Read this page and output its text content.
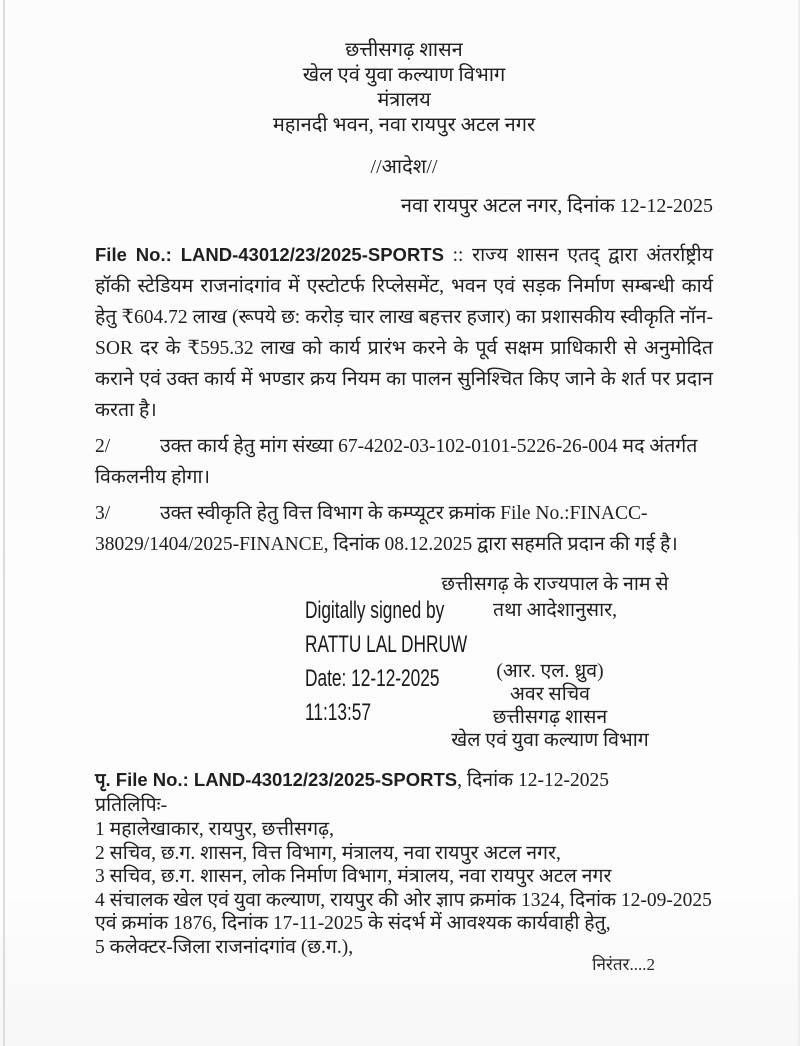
छत्तीसगढ़ शासन
खेल एवं युवा कल्याण विभाग
मंत्रालय
महानदी भवन, नवा रायपुर अटल नगर
//आदेश//
नवा रायपुर अटल नगर, दिनांक 12-12-2025
File No.: LAND-43012/23/2025-SPORTS :: राज्य शासन एतद् द्वारा अंतर्राष्ट्रीय हॉकी स्टेडियम राजनांदगांव में एस्टोटर्फ रिप्लेसमेंट, भवन एवं सड़क निर्माण सम्बन्धी कार्य हेतु ₹604.72 लाख (रूपये छ: करोड़ चार लाख बहत्तर हजार) का प्रशासकीय स्वीकृति नॉन-SOR दर के ₹595.32 लाख को कार्य प्रारंभ करने के पूर्व सक्षम प्राधिकारी से अनुमोदित कराने एवं उक्त कार्य में भण्डार क्रय नियम का पालन सुनिश्चित किए जाने के शर्त पर प्रदान करता है।
2/	उक्त कार्य हेतु मांग संख्या 67-4202-03-102-0101-5226-26-004 मद अंतर्गत विकलनीय होगा।
3/	उक्त स्वीकृति हेतु वित्त विभाग के कम्प्यूटर क्रमांक File No.:FINACC-38029/1404/2025-FINANCE, दिनांक 08.12.2025 द्वारा सहमति प्रदान की गई है।
Digitally signed by
RATTU LAL DHRUW
Date: 12-12-2025
11:13:57
छत्तीसगढ़ के राज्यपाल के नाम से
तथा आदेशानुसार,
(आर. एल. ध्रुव)
अवर सचिव
छत्तीसगढ़ शासन
खेल एवं युवा कल्याण विभाग
पृ. File No.: LAND-43012/23/2025-SPORTS, दिनांक 12-12-2025
प्रतिलिपिः-
1 महालेखाकार, रायपुर, छत्तीसगढ़,
2 सचिव, छ.ग. शासन, वित्त विभाग, मंत्रालय, नवा रायपुर अटल नगर,
3 सचिव, छ.ग. शासन, लोक निर्माण विभाग, मंत्रालय, नवा रायपुर अटल नगर
4 संचालक खेल एवं युवा कल्याण, रायपुर की ओर ज्ञाप क्रमांक 1324, दिनांक 12-09-2025 एवं क्रमांक 1876, दिनांक 17-11-2025 के संदर्भ में आवश्यक कार्यवाही हेतु,
5 कलेक्टर-जिला राजनांदगांव (छ.ग.),
निरंतर....2
